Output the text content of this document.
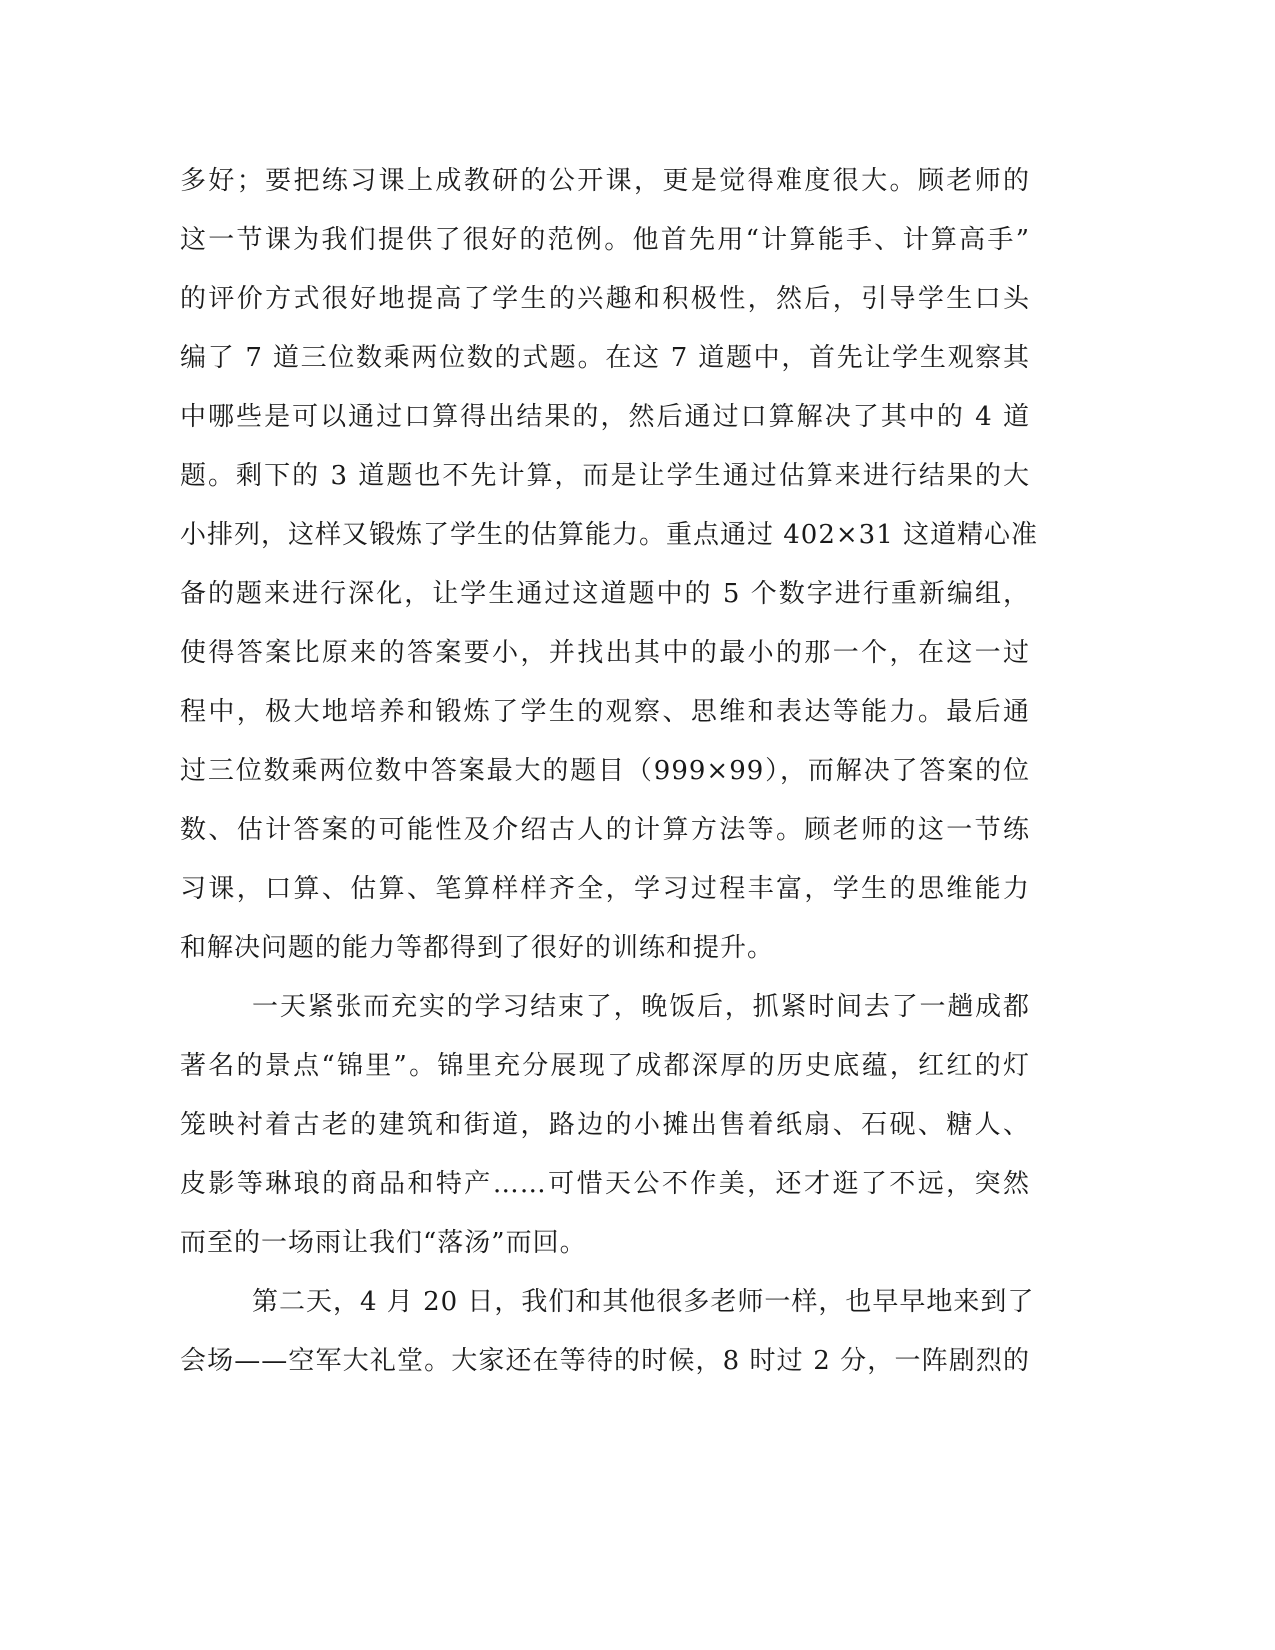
多好；要把练习课上成教研的公开课，更是觉得难度很大。顾老师的
这一节课为我们提供了很好的范例。他首先用“计算能手、计算高手”
的评价方式很好地提高了学生的兴趣和积极性，然后，引导学生口头
编了 7 道三位数乘两位数的式题。在这 7 道题中，首先让学生观察其
中哪些是可以通过口算得出结果的，然后通过口算解决了其中的 4 道
题。剩下的 3 道题也不先计算，而是让学生通过估算来进行结果的大
小排列，这样又锻炼了学生的估算能力。重点通过 402×31 这道精心准
备的题来进行深化，让学生通过这道题中的 5 个数字进行重新编组，
使得答案比原来的答案要小，并找出其中的最小的那一个，在这一过
程中，极大地培养和锻炼了学生的观察、思维和表达等能力。最后通
过三位数乘两位数中答案最大的题目（999×99），而解决了答案的位
数、估计答案的可能性及介绍古人的计算方法等。顾老师的这一节练
习课，口算、估算、笔算样样齐全，学习过程丰富，学生的思维能力
和解决问题的能力等都得到了很好的训练和提升。
一天紧张而充实的学习结束了，晚饭后，抓紧时间去了一趟成都
著名的景点“锦里”。锦里充分展现了成都深厚的历史底蕴，红红的灯
笼映衬着古老的建筑和街道，路边的小摊出售着纸扇、石砚、糖人、
皮影等琳琅的商品和特产……可惜天公不作美，还才逛了不远，突然
而至的一场雨让我们“落汤”而回。
第二天，4 月 20 日，我们和其他很多老师一样，也早早地来到了
会场——空军大礼堂。大家还在等待的时候，8 时过 2 分，一阵剧烈的
